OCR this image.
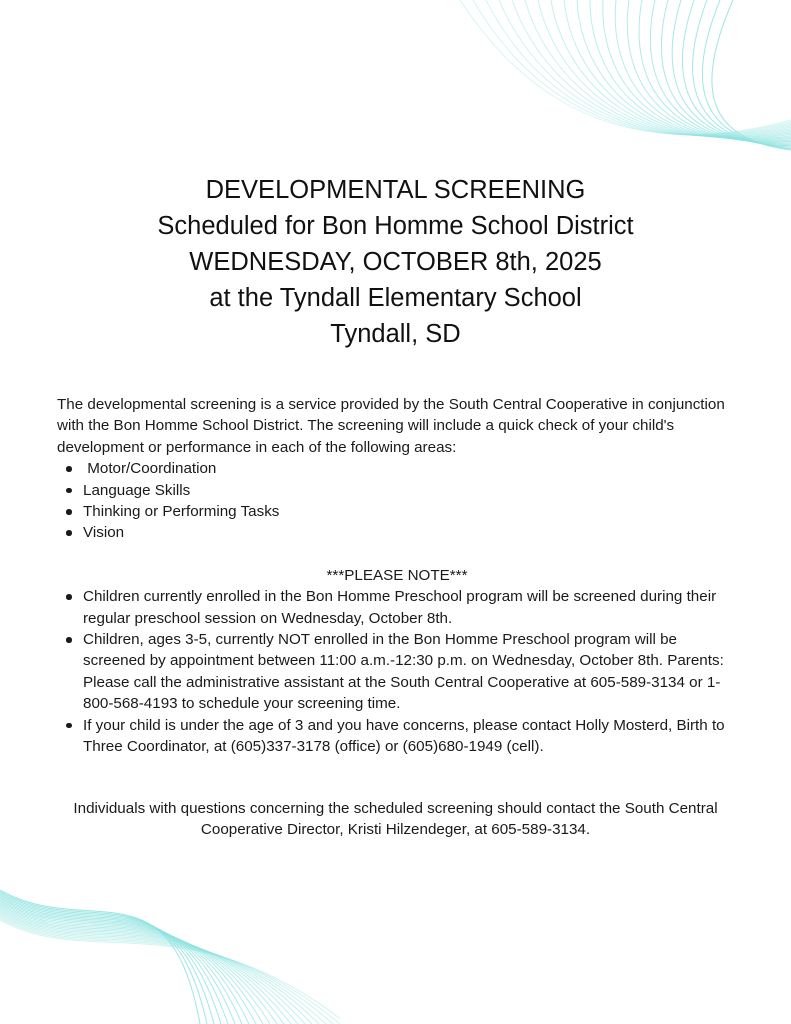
DEVELOPMENTAL SCREENING
Scheduled for Bon Homme School District
WEDNESDAY, OCTOBER 8th, 2025
at the Tyndall Elementary School
Tyndall, SD

The developmental screening is a service provided by the South Central Cooperative in conjunction with the Bon Homme School District. The screening will include a quick check of your child's development or performance in each of the following areas:

Motor/Coordination
Language Skills
Thinking or Performing Tasks
Vision
***PLEASE NOTE***
Children currently enrolled in the Bon Homme Preschool program will be screened during their regular preschool session on Wednesday, October 8th.
Children, ages 3-5, currently NOT enrolled in the Bon Homme Preschool program will be screened by appointment between 11:00 a.m.-12:30 p.m. on Wednesday, October 8th. Parents: Please call the administrative assistant at the South Central Cooperative at 605-589-3134 or 1-800-568-4193 to schedule your screening time.
If your child is under the age of 3 and you have concerns, please contact Holly Mosterd, Birth to Three Coordinator, at (605)337-3178 (office) or (605)680-1949 (cell).

Individuals with questions concerning the scheduled screening should contact the South Central Cooperative Director, Kristi Hilzendeger, at 605-589-3134.
